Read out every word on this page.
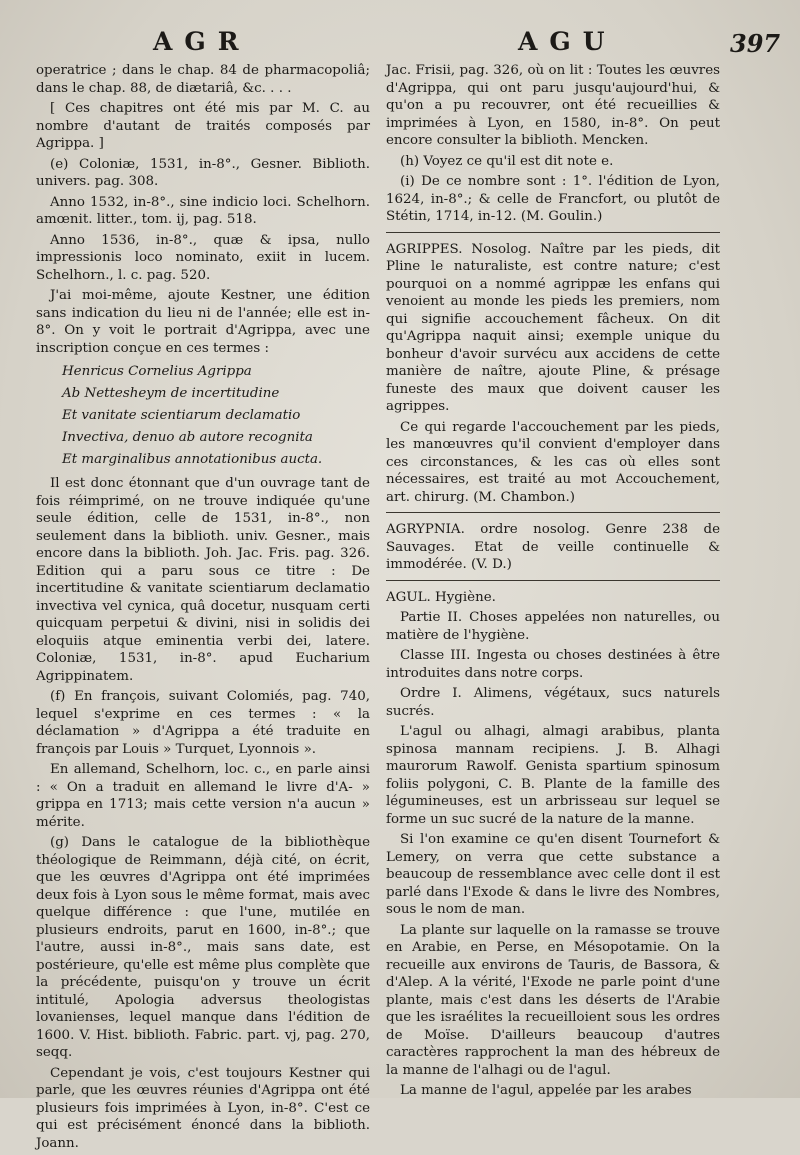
AGR	AGU	397

operatrice ; dans le chap. 84 de pharmacopoliâ; dans le chap. 88, de diætariâ, &c. . . .

[ Ces chapitres ont été mis par M. C. au nombre d'autant de traités composés par Agrippa. ]

(e) Coloniæ, 1531, in-8°., Gesner. Biblioth. univers. pag. 308.

Anno 1532, in-8°., sine indicio loci. Schelhorn. amœnit. litter., tom. ij, pag. 518.

Anno 1536, in-8°., quæ & ipsa, nullo impressionis loco nominato, exiit in lucem. Schelhorn., l. c. pag. 520.

J'ai moi-même, ajoute Kestner, une édition sans indication du lieu ni de l'année; elle est in-8°. On y voit le portrait d'Agrippa, avec une inscription conçue en ces termes :

Henricus Cornelius Agrippa
Ab Nettesheym de incertitudine
Et vanitate scientiarum declamatio
Invectiva, denuo ab autore recognita
Et marginalibus annotationibus aucta.

Il est donc étonnant que d'un ouvrage tant de fois réimprimé, on ne trouve indiquée qu'une seule édition, celle de 1531, in-8°., non seulement dans la biblioth. univ. Gesner., mais encore dans la biblioth. Joh. Jac. Fris. pag. 326. Edition qui a paru sous ce titre : De incertitudine & vanitate scientiarum declamatio invectiva vel cynica, quâ docetur, nusquam certi quicquam perpetui & divini, nisi in solidis dei eloquiis atque eminentia verbi dei, latere. Coloniæ, 1531, in-8°. apud Eucharium Agrippinatem.

(f) En françois, suivant Colomiés, pag. 740, lequel s'exprime en ces termes : « la déclamation » d'Agrippa a été traduite en françois par Louis » Turquet, Lyonnois ».

En allemand, Schelhorn, loc. c., en parle ainsi : « On a traduit en allemand le livre d'A- » grippa en 1713; mais cette version n'a aucun » mérite.

(g) Dans le catalogue de la bibliothèque théologique de Reimmann, déjà cité, on écrit, que les œuvres d'Agrippa ont été imprimées deux fois à Lyon sous le même format, mais avec quelque différence : que l'une, mutilée en plusieurs endroits, parut en 1600, in-8°.; que l'autre, aussi in-8°., mais sans date, est postérieure, qu'elle est même plus complète que la précédente, puisqu'on y trouve un écrit intitulé, Apologia adversus theologistas lovanienses, lequel manque dans l'édition de 1600. V. Hist. biblioth. Fabric. part. vj, pag. 270, seqq.

Cependant je vois, c'est toujours Kestner qui parle, que les œuvres réunies d'Agrippa ont été plusieurs fois imprimées à Lyon, in-8°. C'est ce qui est précisément énoncé dans la biblioth. Joann.

Jac. Frisii, pag. 326, où on lit : Toutes les œuvres d'Agrippa, qui ont paru jusqu'aujourd'hui, & qu'on a pu recouvrer, ont été recueillies & imprimées à Lyon, en 1580, in-8°. On peut encore consulter la biblioth. Mencken.

(h) Voyez ce qu'il est dit note e.

(i) De ce nombre sont : 1°. l'édition de Lyon, 1624, in-8°.; & celle de Francfort, ou plutôt de Stétin, 1714, in-12. (M. Goulin.)

AGRIPPES. Nosolog. Naître par les pieds, dit Pline le naturaliste, est contre nature; c'est pourquoi on a nommé agrippæ les enfans qui venoient au monde les pieds les premiers, nom qui signifie accouchement fâcheux. On dit qu'Agrippa naquit ainsi; exemple unique du bonheur d'avoir survécu aux accidens de cette manière de naître, ajoute Pline, & présage funeste des maux que doivent causer les agrippes.

Ce qui regarde l'accouchement par les pieds, les manœuvres qu'il convient d'employer dans ces circonstances, & les cas où elles sont nécessaires, est traité au mot Accouchement, art. chirurg. (M. Chambon.)

AGRYPNIA. ordre nosolog. Genre 238 de Sauvages. Etat de veille continuelle & immodérée. (V. D.)

AGUL. Hygiène.

Partie II. Choses appelées non naturelles, ou matière de l'hygiène.

Classe III. Ingesta ou choses destinées à être introduites dans notre corps.

Ordre I. Alimens, végétaux, sucs naturels sucrés.

L'agul ou alhagi, almagi arabibus, planta spinosa mannam recipiens. J. B. Alhagi maurorum Rawolf. Genista spartium spinosum foliis polygoni, C. B. Plante de la famille des légumineuses, est un arbrisseau sur lequel se forme un suc sucré de la nature de la manne.

Si l'on examine ce qu'en disent Tournefort & Lemery, on verra que cette substance a beaucoup de ressemblance avec celle dont il est parlé dans l'Exode & dans le livre des Nombres, sous le nom de man.

La plante sur laquelle on la ramasse se trouve en Arabie, en Perse, en Mésopotamie. On la recueille aux environs de Tauris, de Bassora, & d'Alep. A la vérité, l'Exode ne parle point d'une plante, mais c'est dans les déserts de l'Arabie que les israélites la recueilloient sous les ordres de Moïse. D'ailleurs beaucoup d'autres caractères rapprochent la man des hébreux de la manne de l'alhagi ou de l'agul.

La manne de l'agul, appelée par les arabes
